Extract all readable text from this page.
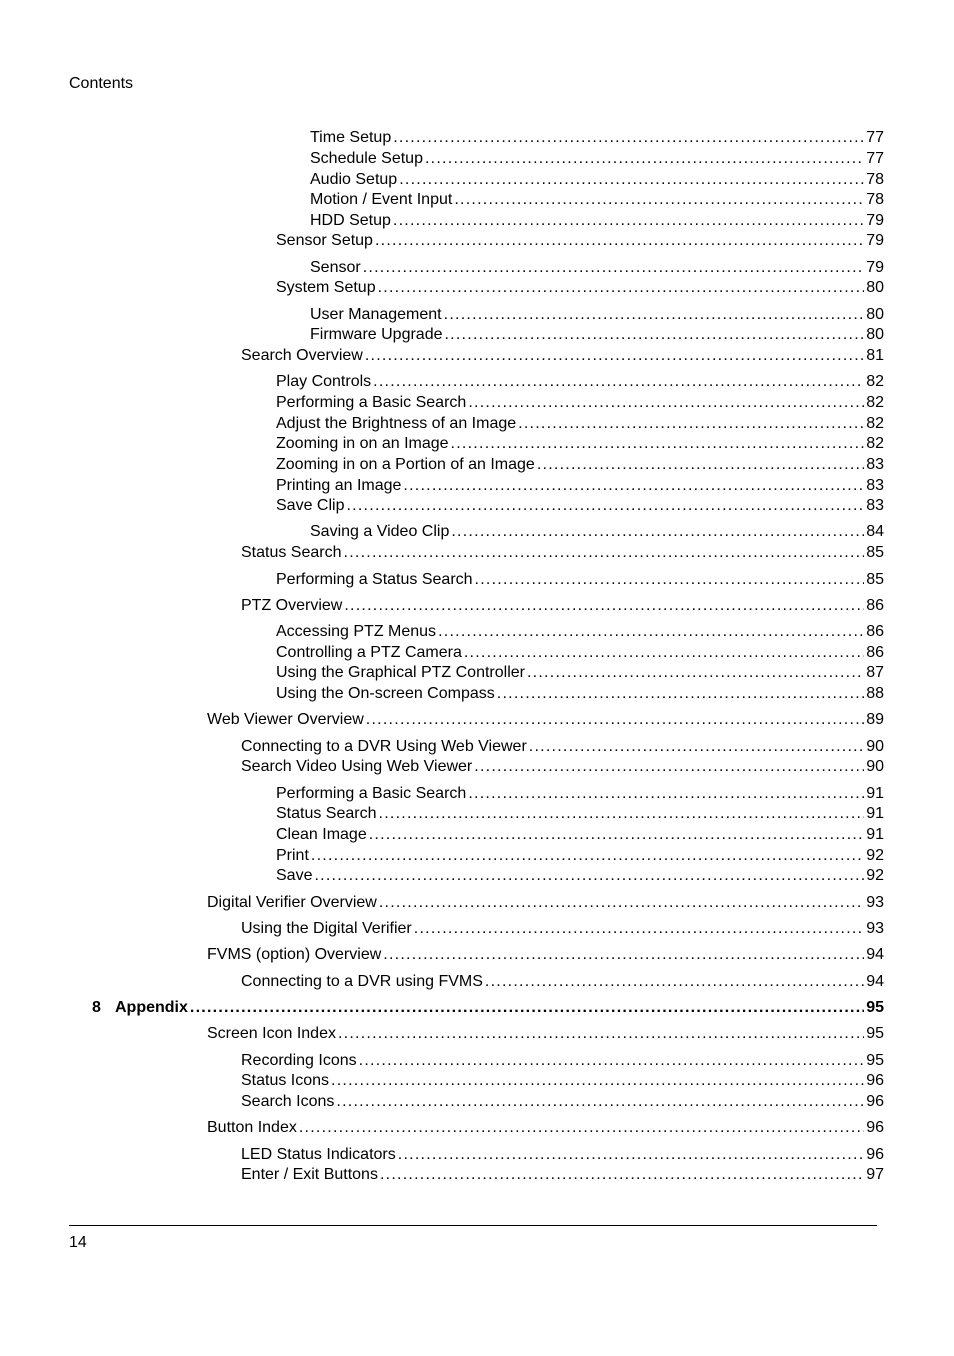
Contents
Time Setup . . .	77
Schedule Setup . . .	77
Audio Setup . . .	78
Motion / Event Input . . .	78
HDD Setup . . .	79
Sensor Setup . . .	79
Sensor . . .	79
System Setup . . .	80
User Management . . .	80
Firmware Upgrade . . .	80
Search Overview . . .	81
Play Controls . . .	82
Performing a Basic Search . . .	82
Adjust the Brightness of an Image . . .	82
Zooming in on an Image . . .	82
Zooming in on a Portion of an Image . . .	83
Printing an Image . . .	83
Save Clip . . .	83
Saving a Video Clip . . .	84
Status Search . . .	85
Performing a Status Search . . .	85
PTZ Overview . . .	86
Accessing PTZ Menus . . .	86
Controlling a PTZ Camera . . .	86
Using the Graphical PTZ Controller . . .	87
Using the On-screen Compass . . .	88
Web Viewer Overview . . .	89
Connecting to a DVR Using Web Viewer . . .	90
Search Video Using Web Viewer . . .	90
Performing a Basic Search . . .	91
Status Search . . .	91
Clean Image . . .	91
Print . . .	92
Save . . .	92
Digital Verifier Overview . . .	93
Using the Digital Verifier . . .	93
FVMS (option) Overview . . .	94
Connecting to a DVR using FVMS . . .	94
8 Appendix . . .	95
Screen Icon Index . . .	95
Recording Icons . . .	95
Status Icons . . .	96
Search Icons . . .	96
Button Index . . .	96
LED Status Indicators . . .	96
Enter / Exit Buttons . . .	97
14
